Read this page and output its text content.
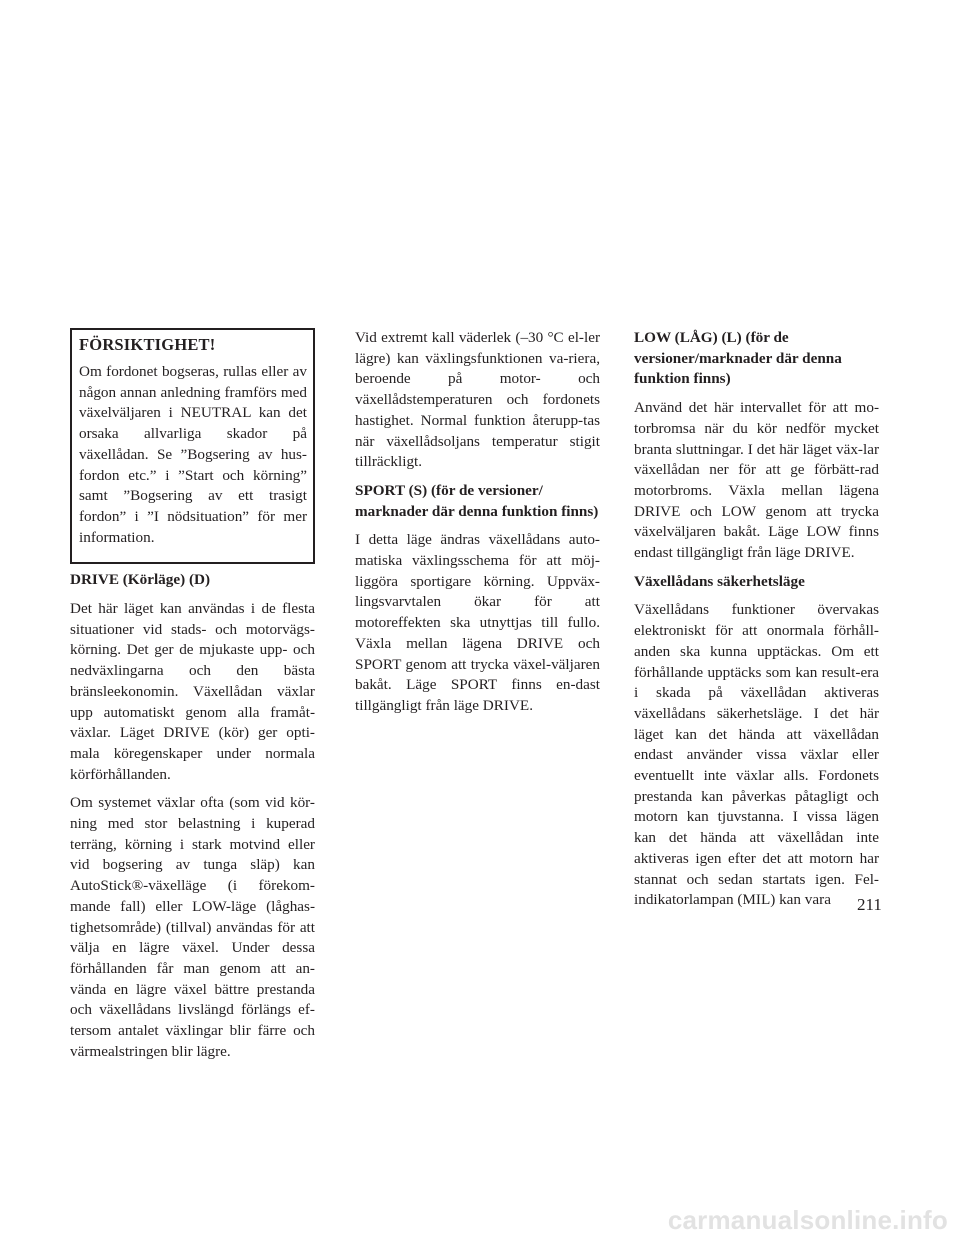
FÖRSIKTIGHET!

Om fordonet bogseras, rullas eller av någon annan anledning framförs med växelväljaren i NEUTRAL kan det orsaka allvarliga skador på växellådan. Se ”Bogsering av hus-fordon etc.” i ”Start och körning” samt ”Bogsering av ett trasigt fordon” i ”I nödsituation” för mer information.

DRIVE (Körläge) (D)

Det här läget kan användas i de flesta situationer vid stads- och motorvägs-körning. Det ger de mjukaste upp- och nedväxlingarna och den bästa bränsleekonomin. Växellådan växlar upp automatiskt genom alla framåt-växlar. Läget DRIVE (kör) ger opti-mala köregenskaper under normala körförhållanden.

Om systemet växlar ofta (som vid kör-ning med stor belastning i kuperad terräng, körning i stark motvind eller vid bogsering av tunga släp) kan AutoStick®-växelläge (i förekom-mande fall) eller LOW-läge (låghas-tighetsområde) (tillval) användas för att välja en lägre växel. Under dessa förhållanden får man genom att an-vända en lägre växel bättre prestanda och växellådans livslängd förlängs ef-tersom antalet växlingar blir färre och värmealstringen blir lägre.

Vid extremt kall väderlek (–30 °C el-ler lägre) kan växlingsfunktionen va-riera, beroende på motor- och växellådstemperaturen och fordonets hastighet. Normal funktion återupp-tas när växellådsoljans temperatur stigit tillräckligt.

SPORT (S) (för de versioner/ marknader där denna funktion finns)

I detta läge ändras växellådans auto-matiska växlingsschema för att möj-liggöra sportigare körning. Uppväx-lingsvarvtalen ökar för att motoreffekten ska utnyttjas till fullo. Växla mellan lägena DRIVE och SPORT genom att trycka växel-väljaren bakåt. Läge SPORT finns en-dast tillgängligt från läge DRIVE.

LOW (LÅG) (L) (för de versioner/marknader där denna funktion finns)

Använd det här intervallet för att mo-torbromsa när du kör nedför mycket branta sluttningar. I det här läget väx-lar växellådan ner för att ge förbätt-rad motorbroms. Växla mellan lägena DRIVE och LOW genom att trycka växelväljaren bakåt. Läge LOW finns endast tillgängligt från läge DRIVE.

Växellådans säkerhetsläge

Växellådans funktioner övervakas elektroniskt för att onormala förhåll-anden ska kunna upptäckas. Om ett förhållande upptäcks som kan result-era i skada på växellådan aktiveras växellådans säkerhetsläge. I det här läget kan det hända att växellådan endast använder vissa växlar eller eventuellt inte växlar alls. Fordonets prestanda kan påverkas påtagligt och motorn kan tjuvstanna. I vissa lägen kan det hända att växellådan inte aktiveras igen efter det att motorn har stannat och sedan startats igen. Fel-indikatorlampan (MIL) kan vara	211
carmanualsonline.info
